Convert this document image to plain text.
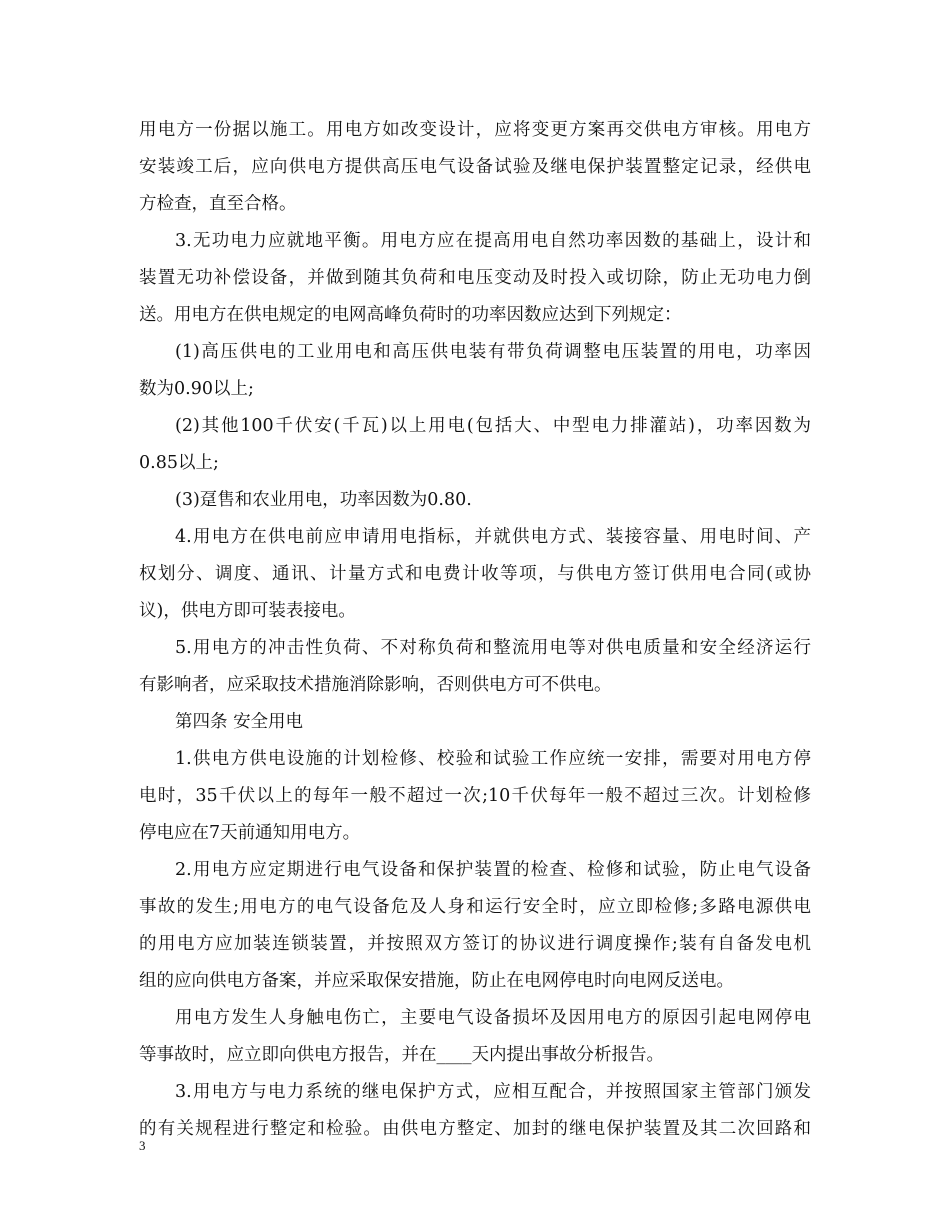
用电方一份据以施工。用电方如改变设计，应将变更方案再交供电方审核。用电方
安装竣工后，应向供电方提供高压电气设备试验及继电保护装置整定记录，经供电
方检查，直至合格。
3.无功电力应就地平衡。用电方应在提高用电自然功率因数的基础上，设计和
装置无功补偿设备，并做到随其负荷和电压变动及时投入或切除，防止无功电力倒
送。用电方在供电规定的电网高峰负荷时的功率因数应达到下列规定：
(1)高压供电的工业用电和高压供电装有带负荷调整电压装置的用电，功率因
数为0.90以上;
(2)其他100千伏安(千瓦)以上用电(包括大、中型电力排灌站)，功率因数为
0.85以上;
(3)趸售和农业用电，功率因数为0.80.
4.用电方在供电前应申请用电指标，并就供电方式、装接容量、用电时间、产
权划分、调度、通讯、计量方式和电费计收等项，与供电方签订供用电合同(或协
议)，供电方即可装表接电。
5.用电方的冲击性负荷、不对称负荷和整流用电等对供电质量和安全经济运行
有影响者，应采取技术措施消除影响，否则供电方可不供电。
第四条 安全用电
1.供电方供电设施的计划检修、校验和试验工作应统一安排，需要对用电方停
电时，35千伏以上的每年一般不超过一次;10千伏每年一般不超过三次。计划检修
停电应在7天前通知用电方。
2.用电方应定期进行电气设备和保护装置的检查、检修和试验，防止电气设备
事故的发生;用电方的电气设备危及人身和运行安全时，应立即检修;多路电源供电
的用电方应加装连锁装置，并按照双方签订的协议进行调度操作;装有自备发电机
组的应向供电方备案，并应采取保安措施，防止在电网停电时向电网反送电。
用电方发生人身触电伤亡，主要电气设备损坏及因用电方的原因引起电网停电
等事故时，应立即向供电方报告，并在____天内提出事故分析报告。
3.用电方与电力系统的继电保护方式，应相互配合，并按照国家主管部门颁发
的有关规程进行整定和检验。由供电方整定、加封的继电保护装置及其二次回路和
3
